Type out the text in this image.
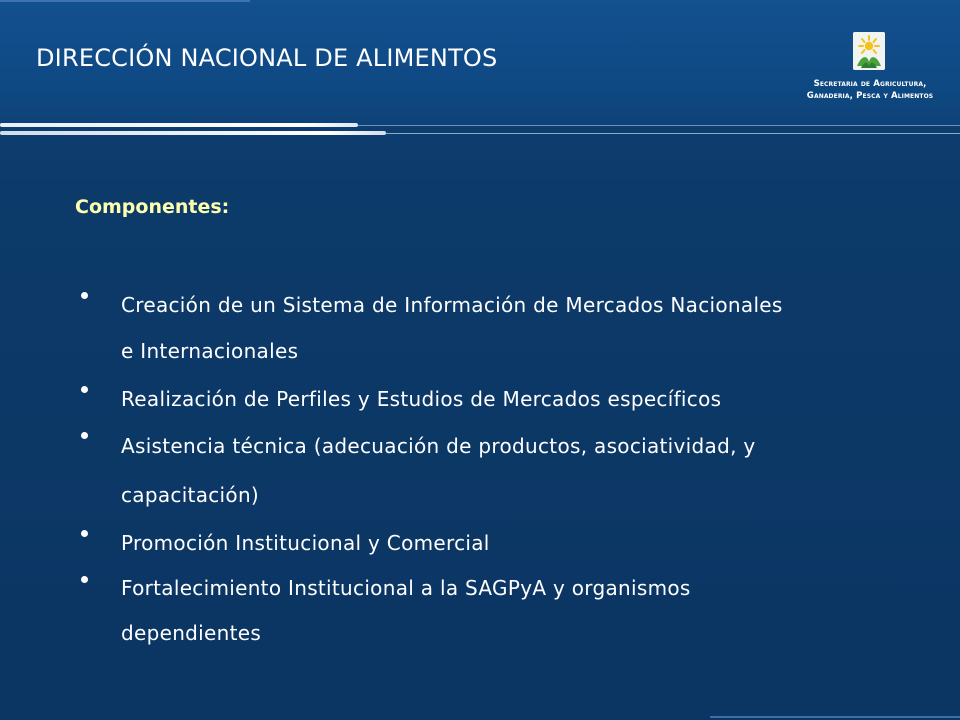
DIRECCIÓN NACIONAL DE ALIMENTOS
Secretaria de Agricultura,
Ganaderia, Pesca y Alimentos
Componentes:
Creación de un Sistema de Información de Mercados Nacionales
e Internacionales
Realización de Perfiles y Estudios de Mercados específicos
Asistencia técnica (adecuación de productos, asociatividad, y
capacitación)
Promoción Institucional y Comercial
Fortalecimiento Institucional a la SAGPyA y organismos
dependientes
